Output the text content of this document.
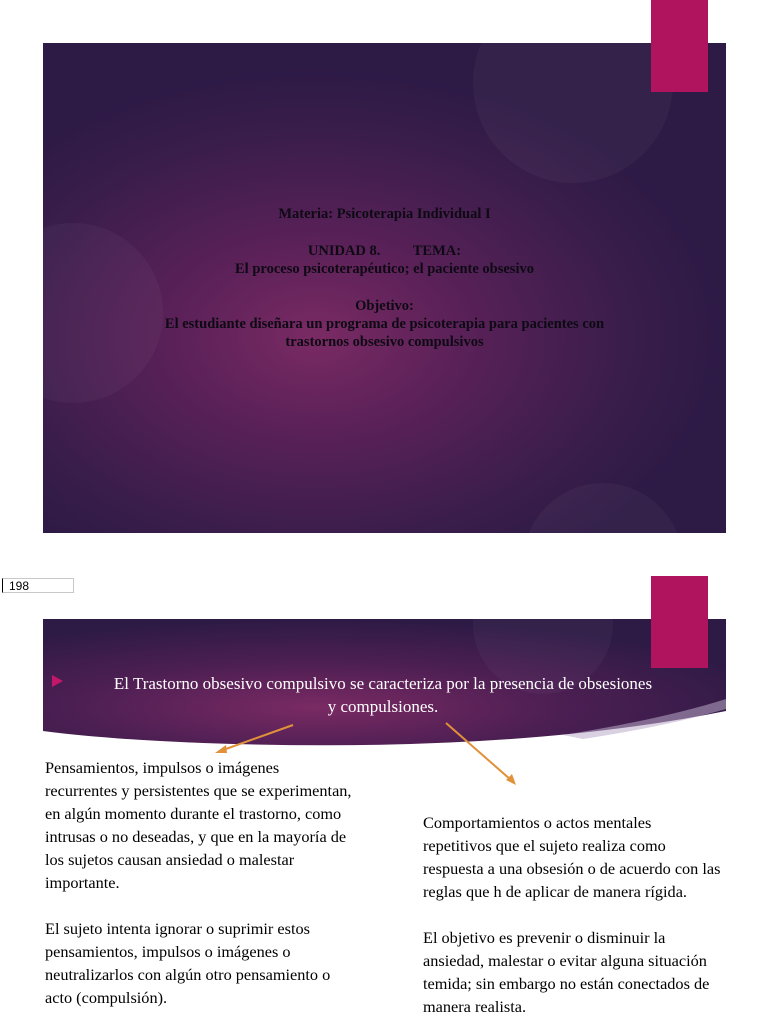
Materia: Psicoterapia Individual I

UNIDAD 8. TEMA:

El proceso psicoterapéutico; el paciente obsesivo

Objetivo:

El estudiante diseñara un programa de psicoterapia para pacientes con

trastornos obsesivo compulsivos

198
El Trastorno obsesivo compulsivo se caracteriza por la presencia de obsesiones
y compulsiones.

Pensamientos, impulsos o imágenes recurrentes y persistentes que se experimentan, en algún momento durante el trastorno, como intrusas o no deseadas, y que en la mayoría de los sujetos causan ansiedad o malestar importante.

El sujeto intenta ignorar o suprimir estos pensamientos, impulsos o imágenes o neutralizarlos con algún otro pensamiento o acto (compulsión).

Comportamientos o actos mentales repetitivos que el sujeto realiza como respuesta a una obsesión o de acuerdo con las reglas que h de aplicar de manera rígida.

El objetivo es prevenir o disminuir la ansiedad, malestar o evitar alguna situación temida; sin embargo no están conectados de manera realista.
